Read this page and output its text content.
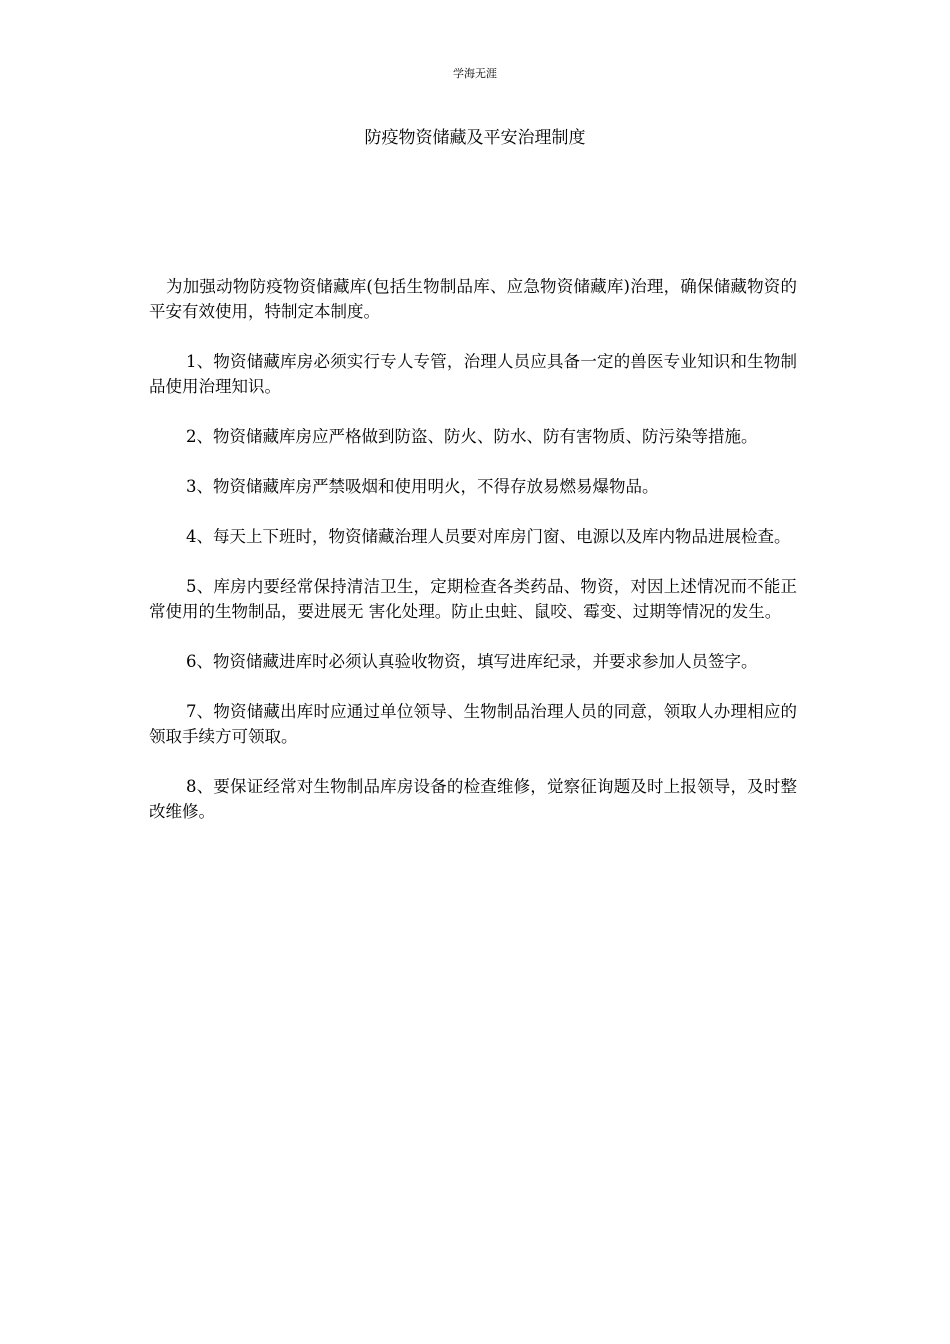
学海无涯
防疫物资储藏及平安治理制度

为加强动物防疫物资储藏库(包括生物制品库、应急物资储藏库)治理，确保储藏物资的平安有效使用，特制定本制度。

1、物资储藏库房必须实行专人专管，治理人员应具备一定的兽医专业知识和生物制品使用治理知识。

2、物资储藏库房应严格做到防盗、防火、防水、防有害物质、防污染等措施。

3、物资储藏库房严禁吸烟和使用明火，不得存放易燃易爆物品。

4、每天上下班时，物资储藏治理人员要对库房门窗、电源以及库内物品进展检查。

5、库房内要经常保持清洁卫生，定期检查各类药品、物资，对因上述情况而不能正常使用的生物制品，要进展无 害化处理。防止虫蛀、鼠咬、霉变、过期等情况的发生。

6、物资储藏进库时必须认真验收物资，填写进库纪录，并要求参加人员签字。

7、物资储藏出库时应通过单位领导、生物制品治理人员的同意，领取人办理相应的领取手续方可领取。

8、要保证经常对生物制品库房设备的检查维修，觉察征询题及时上报领导，及时整改维修。
